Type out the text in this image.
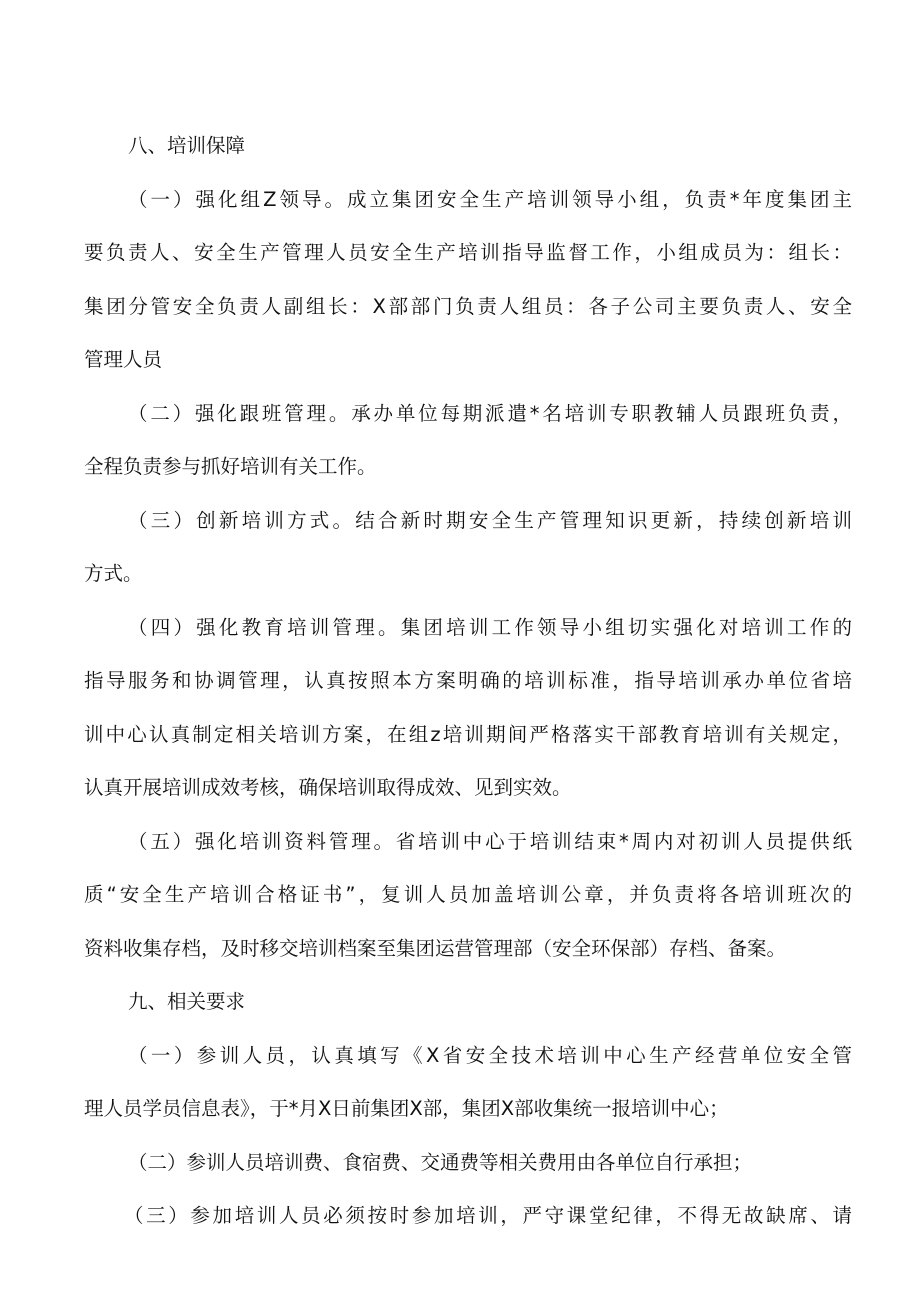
八、培训保障
（一）强化组Z领导。成立集团安全生产培训领导小组，负责*年度集团主
要负责人、安全生产管理人员安全生产培训指导监督工作，小组成员为：组长：
集团分管安全负责人副组长：X部部门负责人组员：各子公司主要负责人、安全
管理人员
（二）强化跟班管理。承办单位每期派遣*名培训专职教辅人员跟班负责，
全程负责参与抓好培训有关工作。
（三）创新培训方式。结合新时期安全生产管理知识更新，持续创新培训
方式。
（四）强化教育培训管理。集团培训工作领导小组切实强化对培训工作的
指导服务和协调管理，认真按照本方案明确的培训标准，指导培训承办单位省培
训中心认真制定相关培训方案，在组z培训期间严格落实干部教育培训有关规定，
认真开展培训成效考核，确保培训取得成效、见到实效。
（五）强化培训资料管理。省培训中心于培训结束*周内对初训人员提供纸
质“安全生产培训合格证书”，复训人员加盖培训公章，并负责将各培训班次的
资料收集存档，及时移交培训档案至集团运营管理部（安全环保部）存档、备案。
九、相关要求
（一）参训人员，认真填写《X省安全技术培训中心生产经营单位安全管
理人员学员信息表》，于*月X日前集团X部，集团X部收集统一报培训中心；
（二）参训人员培训费、食宿费、交通费等相关费用由各单位自行承担；
（三）参加培训人员必须按时参加培训，严守课堂纪律，不得无故缺席、请
